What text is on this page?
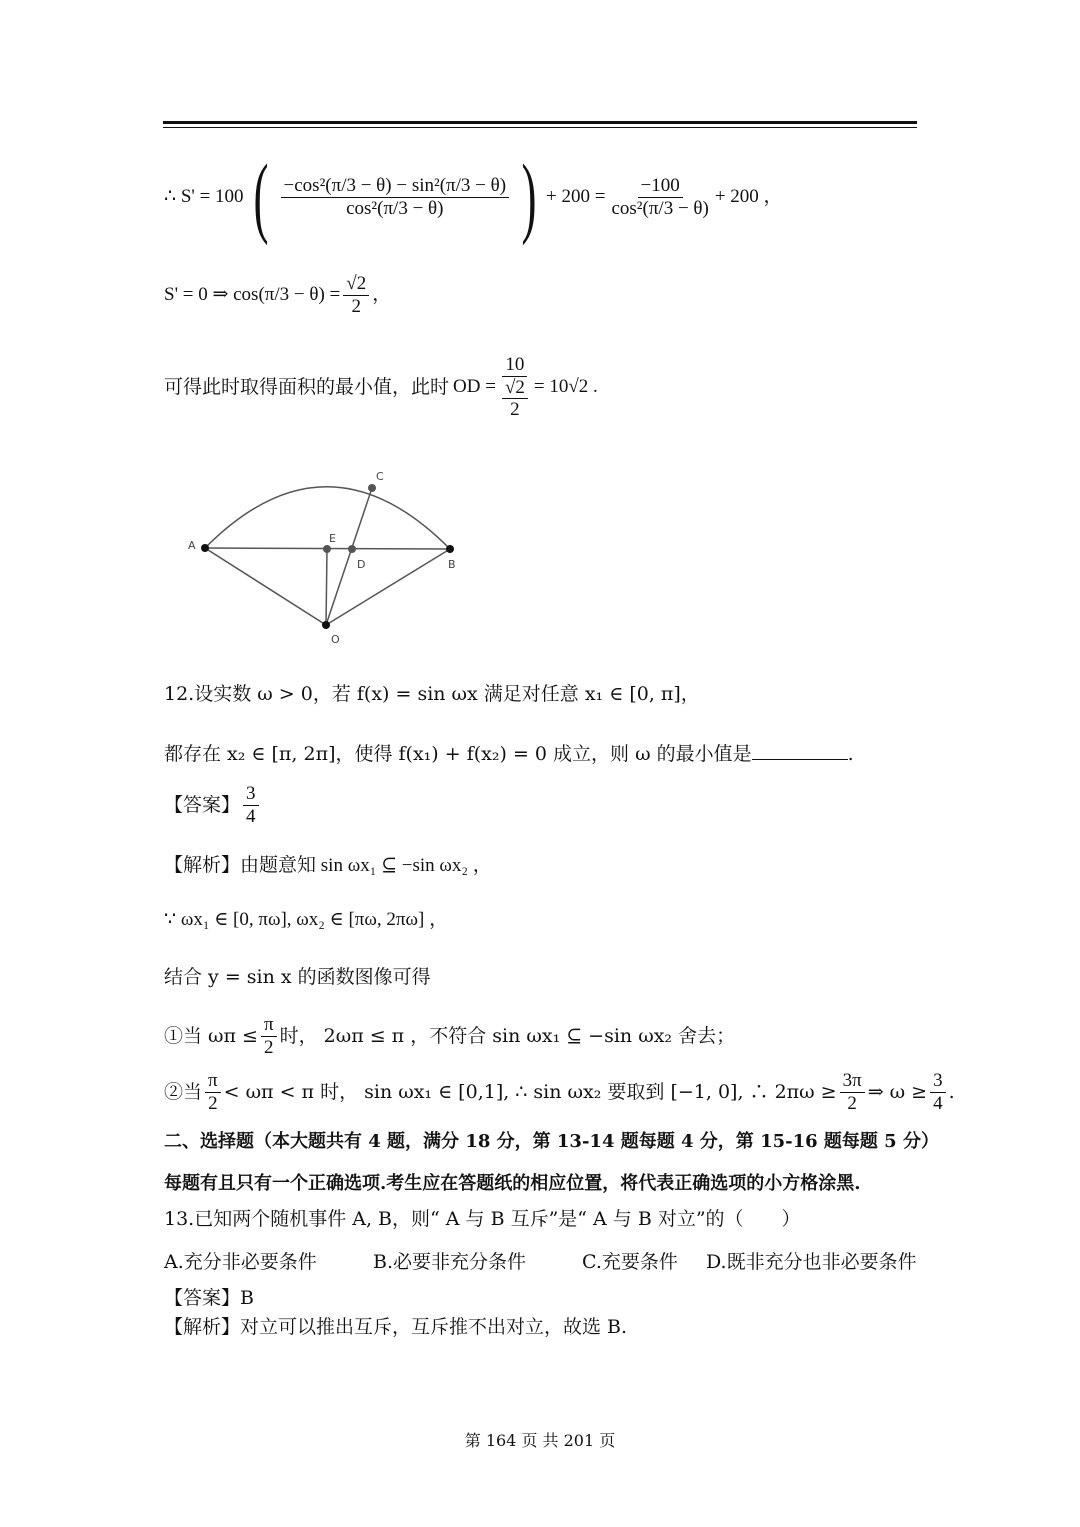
∴ S' = 100 ( $\frac{\text{−cos²(π/3 − θ) − sin²(π/3 − θ)}}{\text{cos²(π/3 − θ)}}$ ) + $200 = \frac{-100}{\text{cos²(π/3 − θ)}} + 200$ ，
S' = 0 ⇒ $\cos(\pi/3 - \theta) = \frac{√2}{2}$ ，
可得此时取得面积的最小值，此时 OD = $\frac{10}{\frac{√2}{2}} = 10√2$ .
A
B
C
D
E
O
12.设实数 ω > 0，若 f(x) = sin ωx 满足对任意 x₁ ∈ [0, π]，
都存在 x₂ ∈ [π, 2π]，使得 f(x₁) + f(x₂) = 0 成立，则 ω 的最小值是	.
【答案】 $\frac{3}{4}$
【解析】由题意知 sin ωx₁ ⊆ −sin ωx₂ ，
∵ ωx₁ ∈ [0, πω], ωx₂ ∈ [πω, 2πω] ，
结合 y = sin x 的函数图像可得
①当 $\omega\pi \le \frac{\pi}{2}$ 时， 2ωπ ≤ π ，不符合 sin ωx₁ ⊆ −sin ωx₂ 舍去；
②当 $\frac{\pi}{2} < \omega\pi < \pi$ 时， sin ωx₁ ∈ [0,1], ∴ sin ωx₂ 要取到 [−1, 0], ∴ $2\pi\omega \ge \frac{3\pi}{2}$ ⇒ $\omega \ge \frac{3}{4}$ .
二、选择题（本大题共有 4 题，满分 18 分，第 13-14 题每题 4 分，第 15-16 题每题 5 分）
每题有且只有一个正确选项.考生应在答题纸的相应位置，将代表正确选项的小方格涂黑.
13.已知两个随机事件 A, B，则“ A 与 B 互斥”是“ A 与 B 对立”的（　　）
A.充分非必要条件	B.必要非充分条件	C.充要条件 D.既非充分也非必要条件
【答案】B
【解析】对立可以推出互斥，互斥推不出对立，故选 B.
第 164 页 共 201 页
